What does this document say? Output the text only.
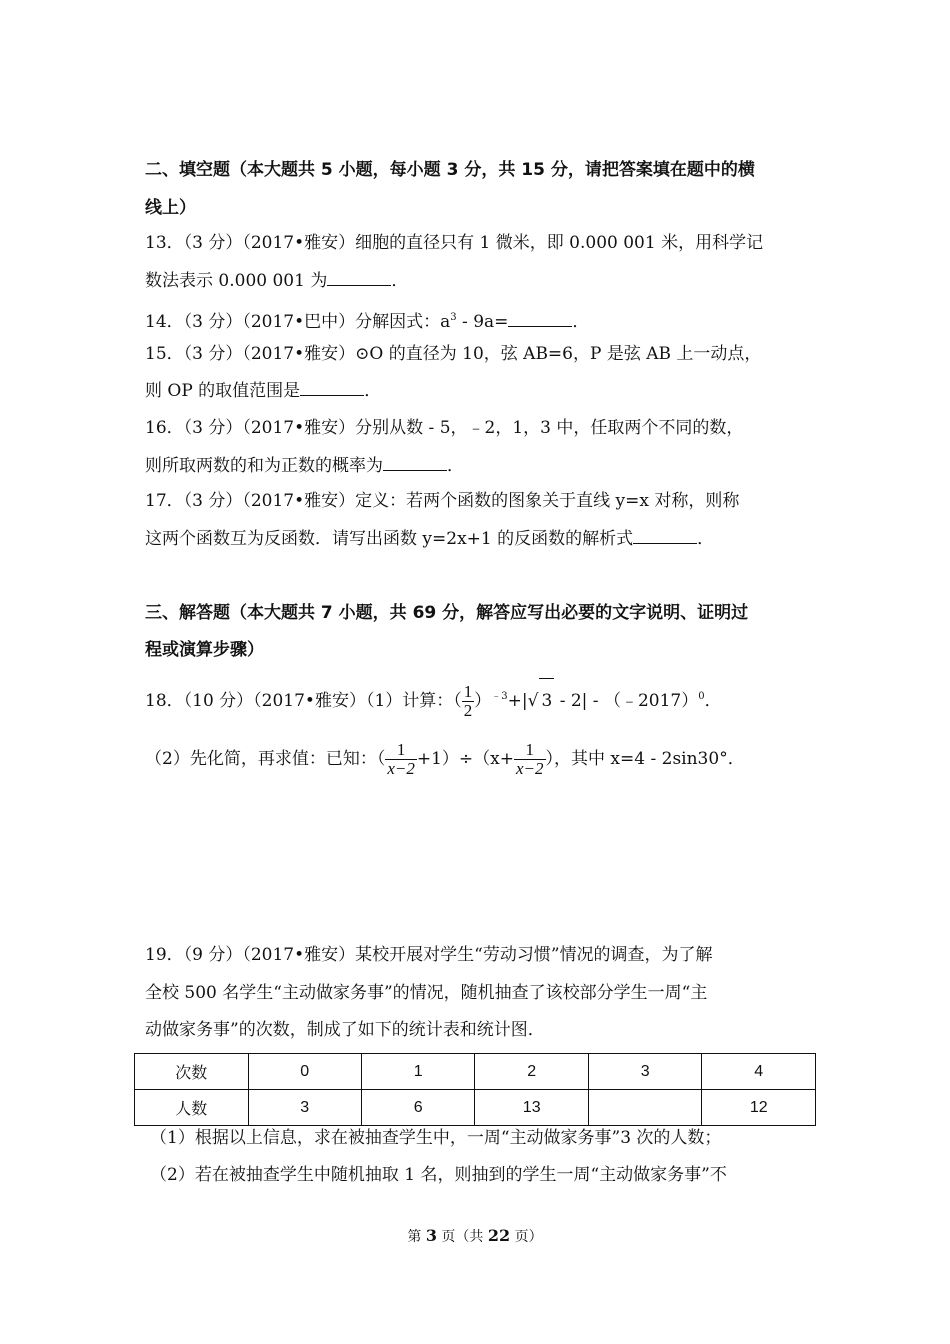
二、填空题（本大题共 5 小题，每小题 3 分，共 15 分，请把答案填在题中的横
线上）
13．（3 分）（2017•雅安）细胞的直径只有 1 微米，即 0.000 001 米，用科学记
数法表示 0.000 001 为	．
14．（3 分）（2017•巴中）分解因式：$a^3 - 9a=$	．
15．（3 分）（2017•雅安）⊙O 的直径为 10，弦 AB=6，P 是弦 AB 上一动点，
则 OP 的取值范围是	．
16．（3 分）（2017•雅安）分别从数 - 5，﹣2，1，3 中，任取两个不同的数，
则所取两数的和为正数的概率为	．
17．（3 分）（2017•雅安）定义：若两个函数的图象关于直线 y=x 对称，则称
这两个函数互为反函数．请写出函数 y=2x+1 的反函数的解析式	．
三、解答题（本大题共 7 小题，共 69 分，解答应写出必要的文字说明、证明过
程或演算步骤）
18．（10 分）（2017•雅安）（1）计算：（ $\frac{1}{2} )^{﹣3}+|√$ 3 - 2| - （﹣2017）$^0$．
（2）先化简，再求值：已知：（ $\frac{1}{x-2} +1)\div(x+ \frac{1}{x-2}$ ），其中 x=4 - 2sin30°．
19．（9 分）（2017•雅安）某校开展对学生“劳动习惯”情况的调查，为了解
全校 500 名学生“主动做家务事”的情况，随机抽查了该校部分学生一周“主
动做家务事”的次数，制成了如下的统计表和统计图．
次数	0	1	2	3	4
人数	3	6	13		12
（1）根据以上信息，求在被抽查学生中，一周“主动做家务事”3 次的人数；
（2）若在被抽查学生中随机抽取 1 名，则抽到的学生一周“主动做家务事”不
第 3 页（共 22 页）
